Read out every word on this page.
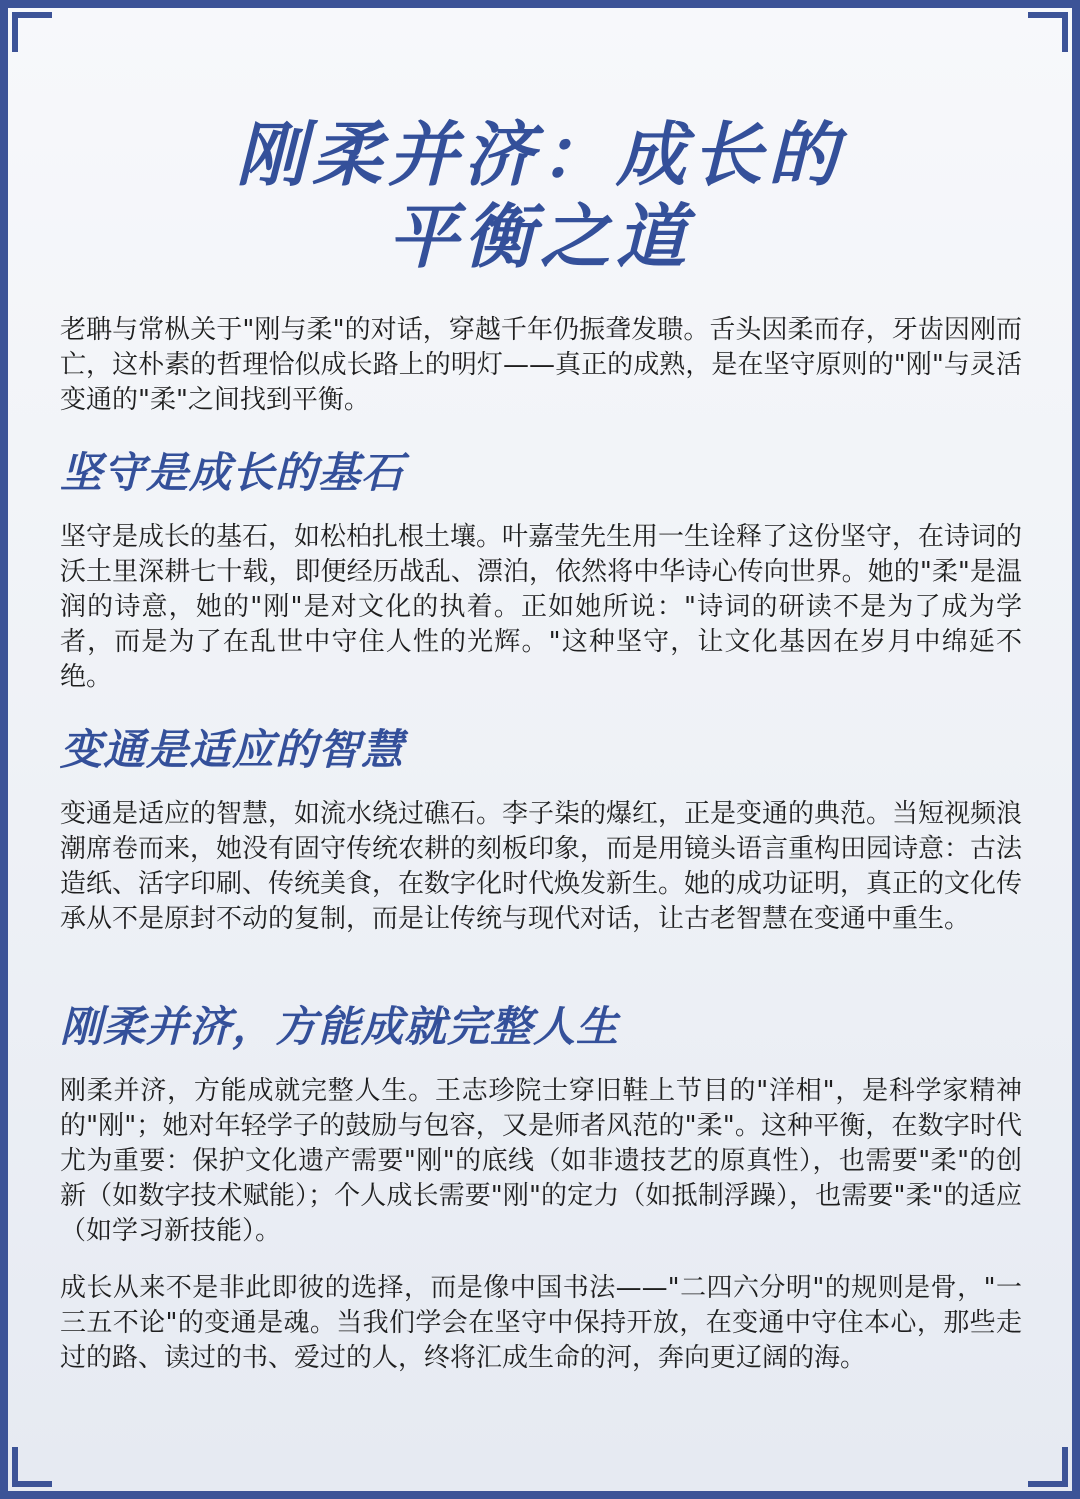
刚柔并济：成长的
平衡之道
老聃与常枞关于"刚与柔"的对话，穿越千年仍振聋发聩。舌头因柔而存，牙齿因刚而亡，这朴素的哲理恰似成长路上的明灯——真正的成熟，是在坚守原则的"刚"与灵活变通的"柔"之间找到平衡。
坚守是成长的基石
坚守是成长的基石，如松柏扎根土壤。叶嘉莹先生用一生诠释了这份坚守，在诗词的沃土里深耕七十载，即便经历战乱、漂泊，依然将中华诗心传向世界。她的"柔"是温润的诗意，她的"刚"是对文化的执着。正如她所说："诗词的研读不是为了成为学者，而是为了在乱世中守住人性的光辉。"这种坚守，让文化基因在岁月中绵延不绝。
变通是适应的智慧
变通是适应的智慧，如流水绕过礁石。李子柒的爆红，正是变通的典范。当短视频浪潮席卷而来，她没有固守传统农耕的刻板印象，而是用镜头语言重构田园诗意：古法造纸、活字印刷、传统美食，在数字化时代焕发新生。她的成功证明，真正的文化传承从不是原封不动的复制，而是让传统与现代对话，让古老智慧在变通中重生。
刚柔并济，方能成就完整人生
刚柔并济，方能成就完整人生。王志珍院士穿旧鞋上节目的"洋相"，是科学家精神的"刚"；她对年轻学子的鼓励与包容，又是师者风范的"柔"。这种平衡，在数字时代尤为重要：保护文化遗产需要"刚"的底线（如非遗技艺的原真性），也需要"柔"的创新（如数字技术赋能）；个人成长需要"刚"的定力（如抵制浮躁），也需要"柔"的适应（如学习新技能）。
成长从来不是非此即彼的选择，而是像中国书法——"二四六分明"的规则是骨，"一三五不论"的变通是魂。当我们学会在坚守中保持开放，在变通中守住本心，那些走过的路、读过的书、爱过的人，终将汇成生命的河，奔向更辽阔的海。
